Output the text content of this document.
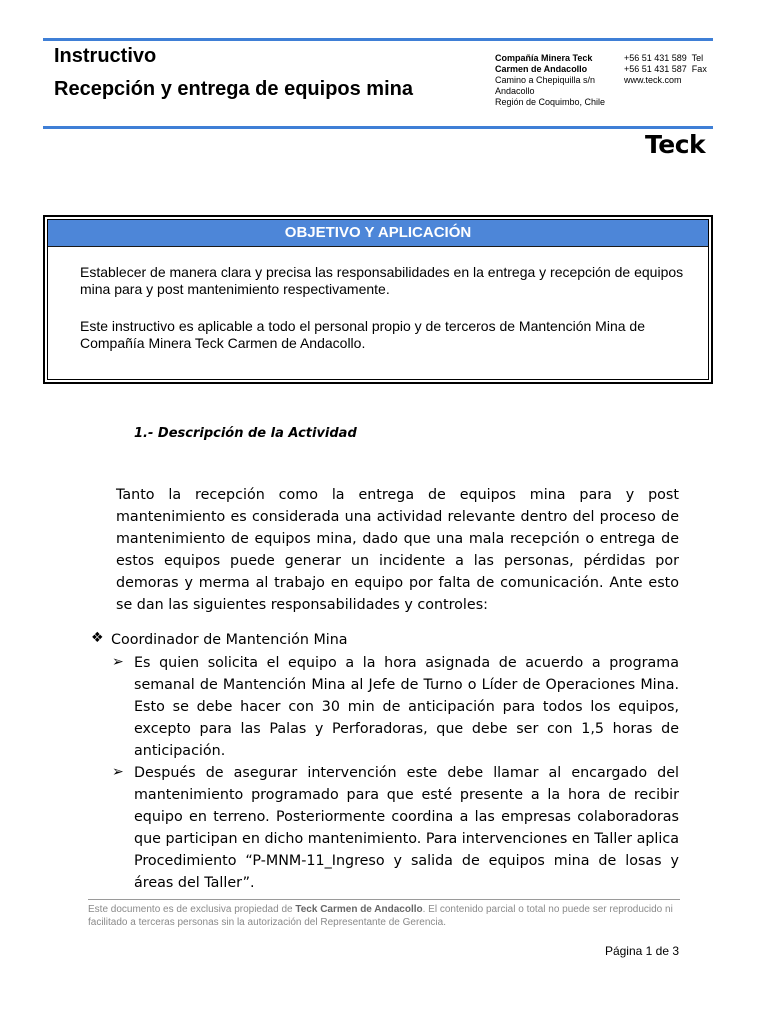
Instructivo
Recepción y entrega de equipos mina
Compañía Minera Teck
Carmen de Andacollo
Camino a Chepiquilla s/n
Andacollo
Región de Coquimbo, Chile
+56 51 431 589  Tel
+56 51 431 587  Fax
www.teck.com
Teck
OBJETIVO Y APLICACIÓN
Establecer de manera clara y precisa las responsabilidades en la entrega y recepción de equipos mina para y post mantenimiento respectivamente.
Este instructivo es aplicable a todo el personal propio y de terceros de Mantención Mina de Compañía Minera Teck Carmen de Andacollo.
1.- Descripción de la Actividad
Tanto la recepción como la entrega de equipos mina para y post mantenimiento es considerada una actividad relevante dentro del proceso de mantenimiento de equipos mina, dado que una mala recepción o entrega de estos equipos puede generar un incidente a las personas, pérdidas por demoras y merma al trabajo en equipo por falta de comunicación. Ante esto se dan las siguientes responsabilidades y controles:
❖ Coordinador de Mantención Mina
➢ Es quien solicita el equipo a la hora asignada de acuerdo a programa semanal de Mantención Mina al Jefe de Turno o Líder de Operaciones Mina. Esto se debe hacer con 30 min de anticipación para todos los equipos, excepto para las Palas y Perforadoras, que debe ser con 1,5 horas de anticipación.
➢ Después de asegurar intervención este debe llamar al encargado del mantenimiento programado para que esté presente a la hora de recibir equipo en terreno. Posteriormente coordina a las empresas colaboradoras que participan en dicho mantenimiento. Para intervenciones en Taller aplica Procedimiento “P-MNM-11_Ingreso y salida de equipos mina de losas y áreas del Taller”.
Este documento es de exclusiva propiedad de Teck Carmen de Andacollo. El contenido parcial o total no puede ser reproducido ni facilitado a terceras personas sin la autorización del Representante de Gerencia.
Página 1 de 3
